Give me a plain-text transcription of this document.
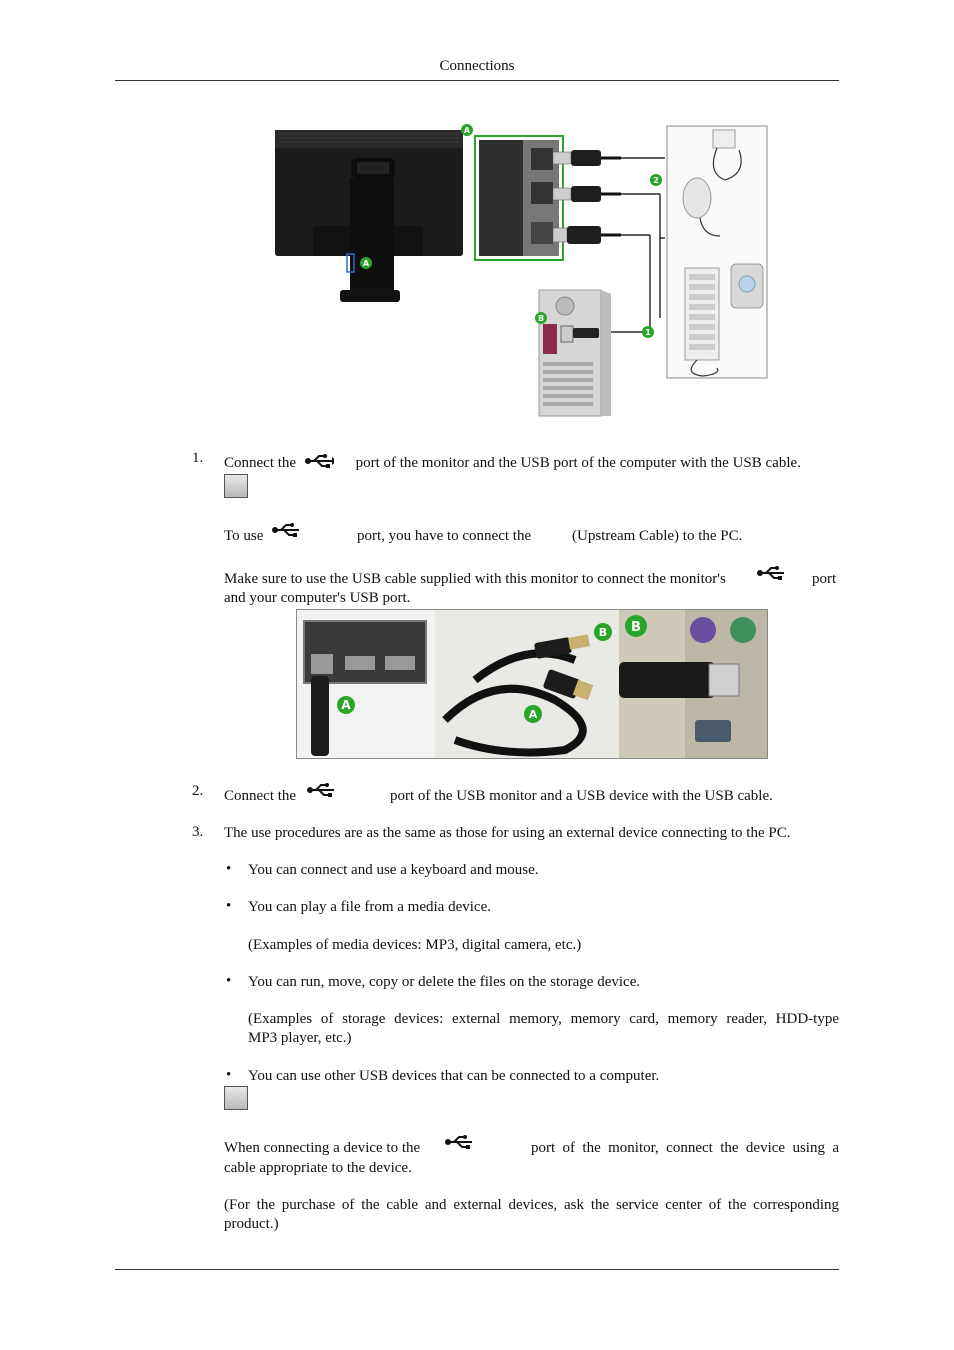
Connections
A
A
2
1
B
1. Connect the	port of the monitor and the USB port of the computer with the USB cable.
To use	port, you have to connect the	(Upstream Cable) to the PC.
Make sure to use the USB cable supplied with this monitor to connect the monitor's	port
and your computer's USB port.
A
B
A
B
2. Connect the	port of the USB monitor and a USB device with the USB cable.
3. The use procedures are as the same as those for using an external device connecting to the PC.
• You can connect and use a keyboard and mouse.
• You can play a file from a media device.
(Examples of media devices: MP3, digital camera, etc.)
• You can run, move, copy or delete the files on the storage device.
(Examples of storage devices: external memory, memory card, memory reader, HDD-type
MP3 player, etc.)
• You can use other USB devices that can be connected to a computer.
When connecting a device to the	port of the monitor, connect the device using a
cable appropriate to the device.
(For the purchase of the cable and external devices, ask the service center of the corresponding
product.)
